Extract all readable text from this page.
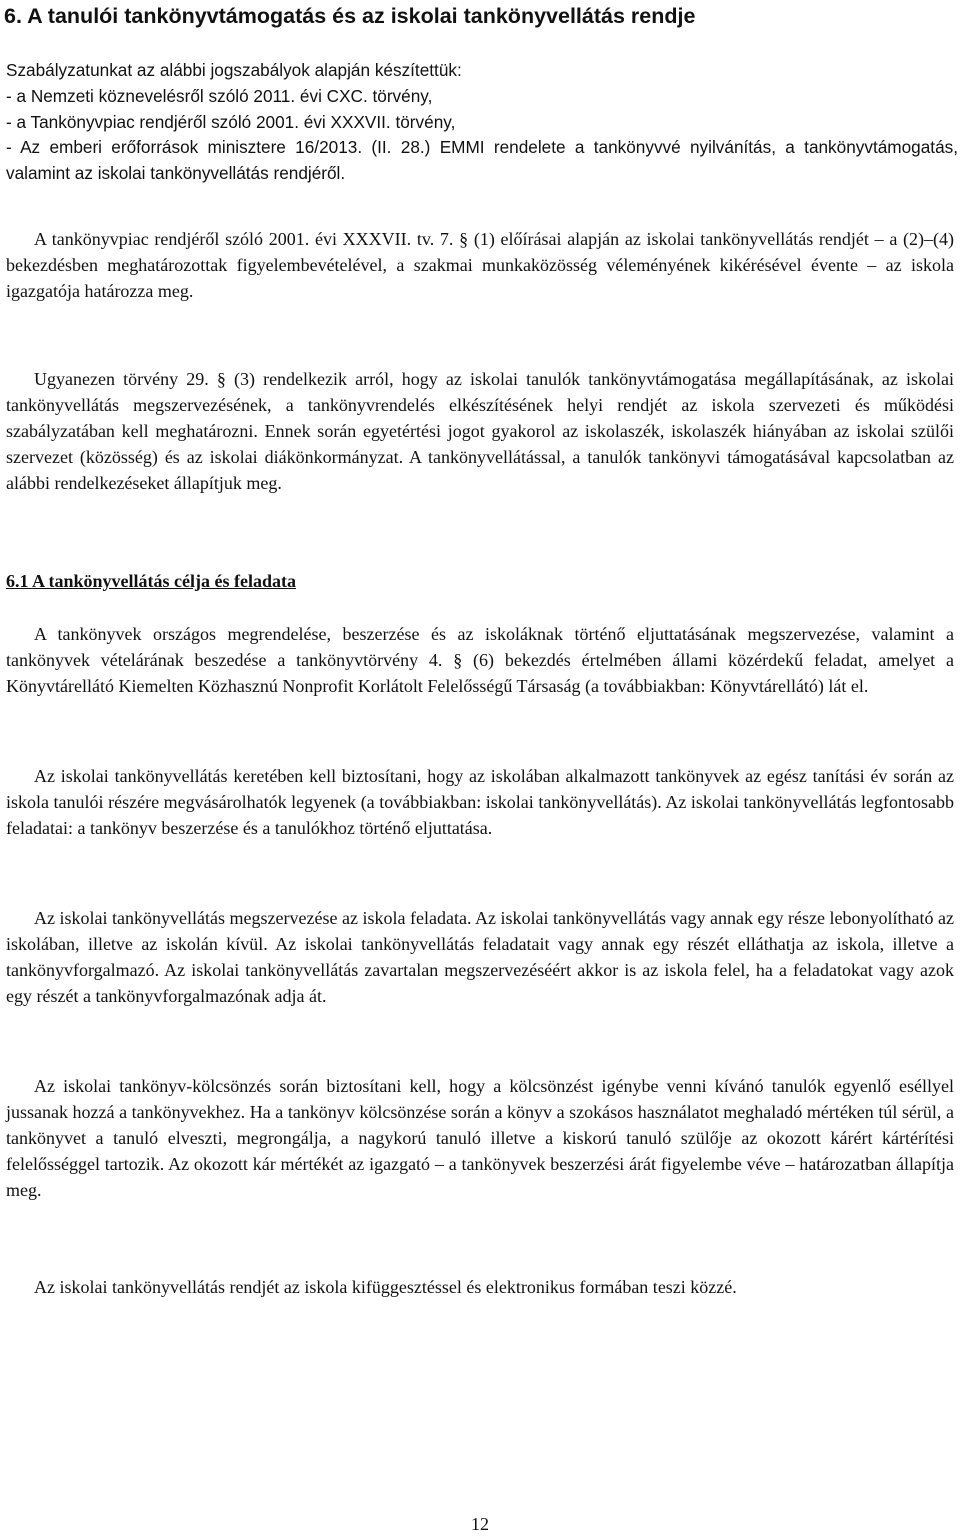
6. A tanulói tankönyvtámogatás és az iskolai tankönyvellátás rendje
Szabályzatunkat az alábbi jogszabályok alapján készítettük:
- a Nemzeti köznevelésről szóló 2011. évi CXC. törvény,
- a Tankönyvpiac rendjéről szóló 2001. évi XXXVII. törvény,
- Az emberi erőforrások minisztere 16/2013. (II. 28.) EMMI rendelete a tankönyvvé nyilvánítás, a tankönyvtámogatás, valamint az iskolai tankönyvellátás rendjéről.

A tankönyvpiac rendjéről szóló 2001. évi XXXVII. tv. 7. § (1) előírásai alapján az iskolai tankönyvellátás rendjét – a (2)–(4) bekezdésben meghatározottak figyelembevételével, a szakmai munkaközösség véleményének kikérésével évente – az iskola igazgatója határozza meg.

Ugyanezen törvény 29. § (3) rendelkezik arról, hogy az iskolai tanulók tankönyvtámogatása megállapításának, az iskolai tankönyvellátás megszervezésének, a tankönyvrendelés elkészítésének helyi rendjét az iskola szervezeti és működési szabályzatában kell meghatározni. Ennek során egyetértési jogot gyakorol az iskolaszék, iskolaszék hiányában az iskolai szülői szervezet (közösség) és az iskolai diákönkormányzat. A tankönyvellátással, a tanulók tankönyvi támogatásával kapcsolatban az alábbi rendelkezéseket állapítjuk meg.

6.1 A tankönyvellátás célja és feladata

A tankönyvek országos megrendelése, beszerzése és az iskoláknak történő eljuttatásának megszervezése, valamint a tankönyvek vételárának beszedése a tankönyvtörvény 4. § (6) bekezdés értelmében állami közérdekű feladat, amelyet a Könyvtárellátó Kiemelten Közhasznú Nonprofit Korlátolt Felelősségű Társaság (a továbbiakban: Könyvtárellátó) lát el.

Az iskolai tankönyvellátás keretében kell biztosítani, hogy az iskolában alkalmazott tankönyvek az egész tanítási év során az iskola tanulói részére megvásárolhatók legyenek (a továbbiakban: iskolai tankönyvellátás). Az iskolai tankönyvellátás legfontosabb feladatai: a tankönyv beszerzése és a tanulókhoz történő eljuttatása.

Az iskolai tankönyvellátás megszervezése az iskola feladata. Az iskolai tankönyvellátás vagy annak egy része lebonyolítható az iskolában, illetve az iskolán kívül. Az iskolai tankönyvellátás feladatait vagy annak egy részét elláthatja az iskola, illetve a tankönyvforgalmazó. Az iskolai tankönyvellátás zavartalan megszervezéséért akkor is az iskola felel, ha a feladatokat vagy azok egy részét a tankönyvforgalmazónak adja át.

Az iskolai tankönyv-kölcsönzés során biztosítani kell, hogy a kölcsönzést igénybe venni kívánó tanulók egyenlő eséllyel jussanak hozzá a tankönyvekhez. Ha a tankönyv kölcsönzése során a könyv a szokásos használatot meghaladó mértéken túl sérül, a tankönyvet a tanuló elveszti, megrongálja, a nagykorú tanuló illetve a kiskorú tanuló szülője az okozott kárért kártérítési felelősséggel tartozik. Az okozott kár mértékét az igazgató – a tankönyvek beszerzési árát figyelembe véve – határozatban állapítja meg.

Az iskolai tankönyvellátás rendjét az iskola kifüggesztéssel és elektronikus formában teszi közzé.

12
